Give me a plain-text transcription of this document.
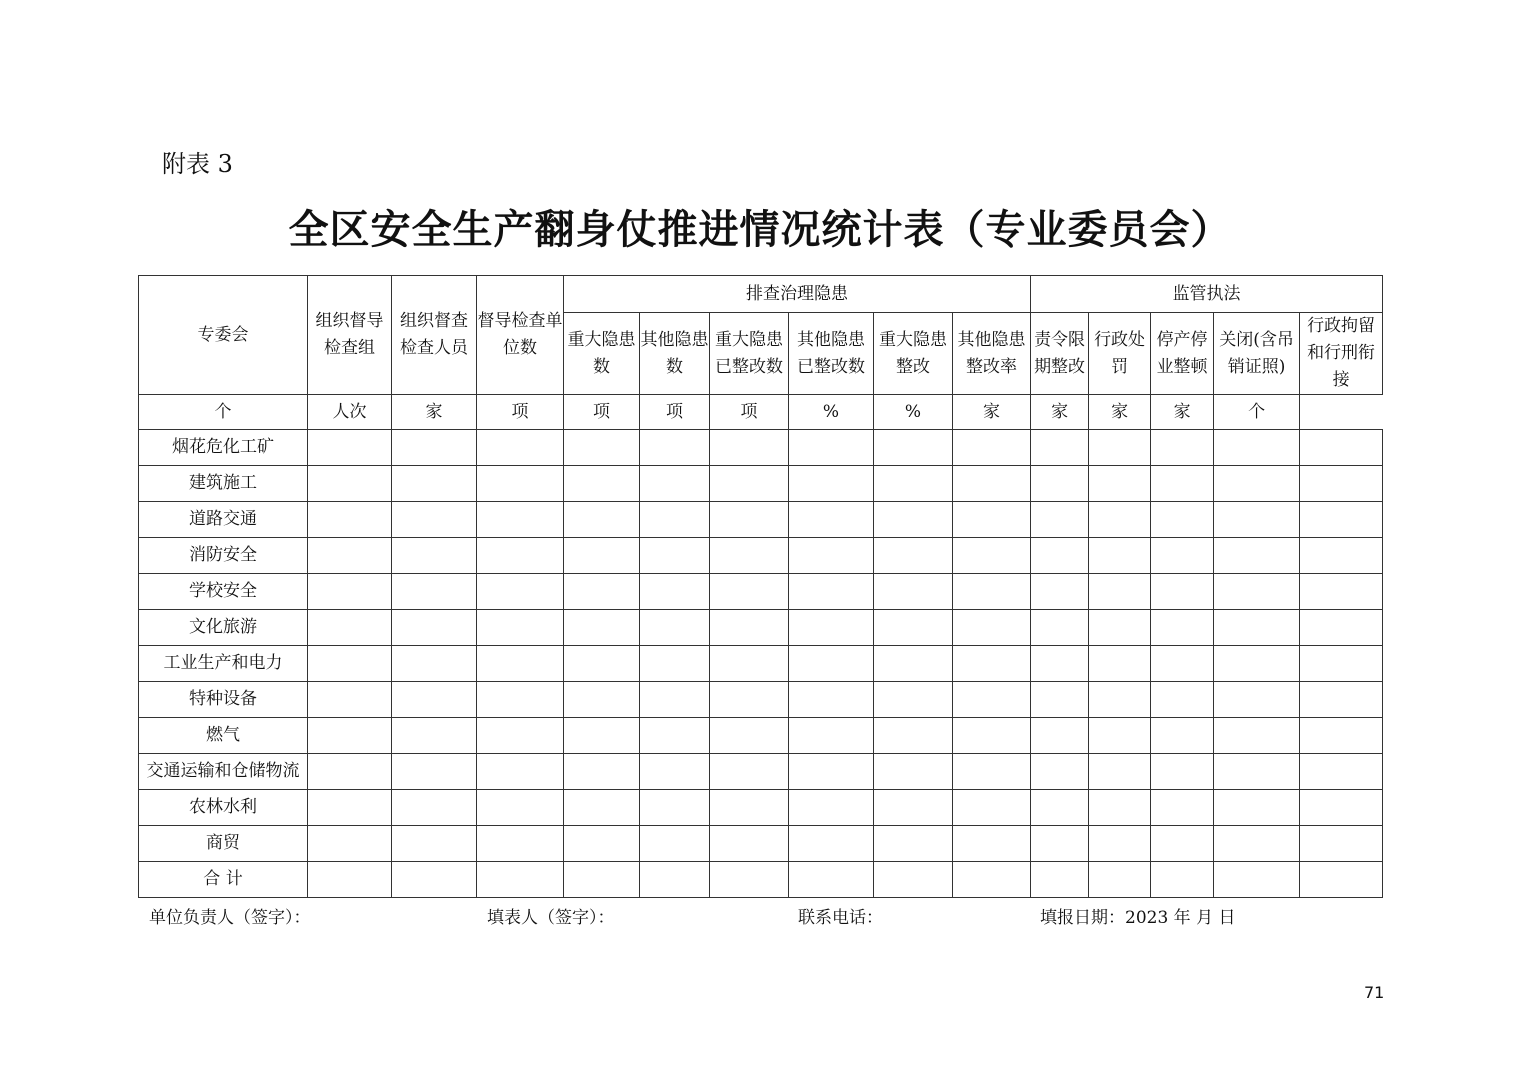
附表 3
全区安全生产翻身仗推进情况统计表（专业委员会）
专委会	组织督导检查组	组织督查检查人员	督导检查单位数	排查治理隐患						监管执法				
				重大隐患数	其他隐患数	重大隐患已整改数	其他隐患已整改数	重大隐患整改	其他隐患整改率	责令限期整改	行政处罚	停产停业整顿	关闭(含吊销证照)	行政拘留和行刑衔接
个	人次	家	项	项	项	项	%	%	家	家	家	家	个	
烟花危化工矿														
建筑施工														
道路交通														
消防安全														
学校安全														
文化旅游														
工业生产和电力														
特种设备														
燃气														
交通运输和仓储物流														
农林水利														
商贸														
合 计														
单位负责人（签字）：	填表人（签字）：	联系电话：	填报日期：2023 年 月 日
71
